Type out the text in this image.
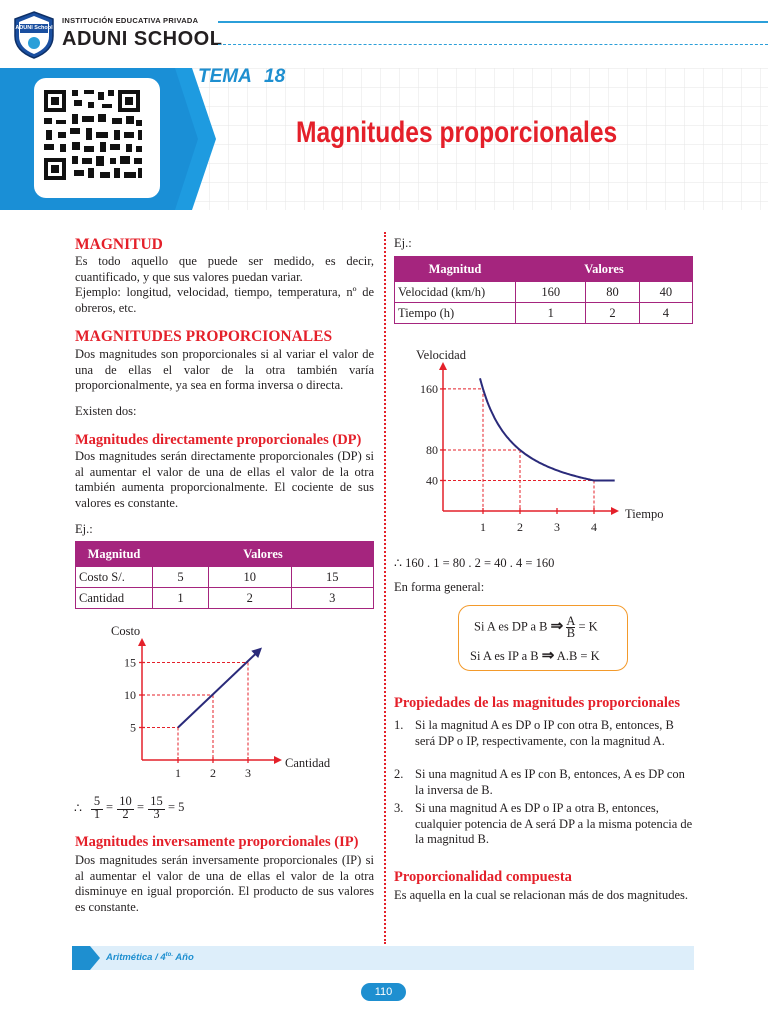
ADUNI School
INSTITUCIÓN EDUCATIVA PRIVADA
ADUNI SCHOOL
TEMA 18
Magnitudes proporcionales
MAGNITUD

Es todo aquello que puede ser medido, es decir, cuantificado, y que sus valores puedan variar.

Ejemplo: longitud, velocidad, tiempo, temperatura, nº de obreros, etc.

MAGNITUDES PROPORCIONALES
Dos magnitudes son proporcionales si al variar el valor de una de ellas el valor de la otra también varía proporcionalmente, ya sea en forma inversa o directa.
Existen dos:
Magnitudes directamente proporcionales (DP)
Dos magnitudes serán directamente proporcionales (DP) si al aumentar el valor de una de ellas el valor de la otra también aumenta proporcionalmente. El cociente de sus valores es constante.
Ej.:
Magnitud	Valores		
Costo S/.	5	10	15
Cantidad	1	2	3
Costo
Cantidad
1
5
2
10
3
15
∴ 5
1 = 10
2 = 15
3 = 5
Magnitudes inversamente proporcionales (IP)
Dos magnitudes serán inversamente proporcionales (IP) si al aumentar el valor de una de ellas el valor de la otra disminuye en igual proporción. El producto de sus valores es constante.
Ej.:
Magnitud	Valores		
Velocidad (km/h)	160	80	40
Tiempo (h)	1	2	4
Velocidad
Tiempo
1	2	3	4
40
80
160
∴ 160 . 1 = 80 . 2 = 40 . 4 = 160
En forma general:
Si A es DP a B ⇒ $\frac{A}{B} = K$
Si A es IP a B ⇒ A.B = K
Propiedades de las magnitudes proporcionales
1. Si la magnitud A es DP o IP con otra B, entonces, B será DP o IP, respectivamente, con la magnitud A.
2. Si una magnitud A es IP con B, entonces, A es DP con la inversa de B.
3. Si una magnitud A es DP o IP a otra B, entonces, cualquier potencia de A será DP a la misma potencia de la magnitud B.
Proporcionalidad compuesta
Es aquella en la cual se relacionan más de dos magnitudes.
Aritmética / $4^{to.}$ Año
110
